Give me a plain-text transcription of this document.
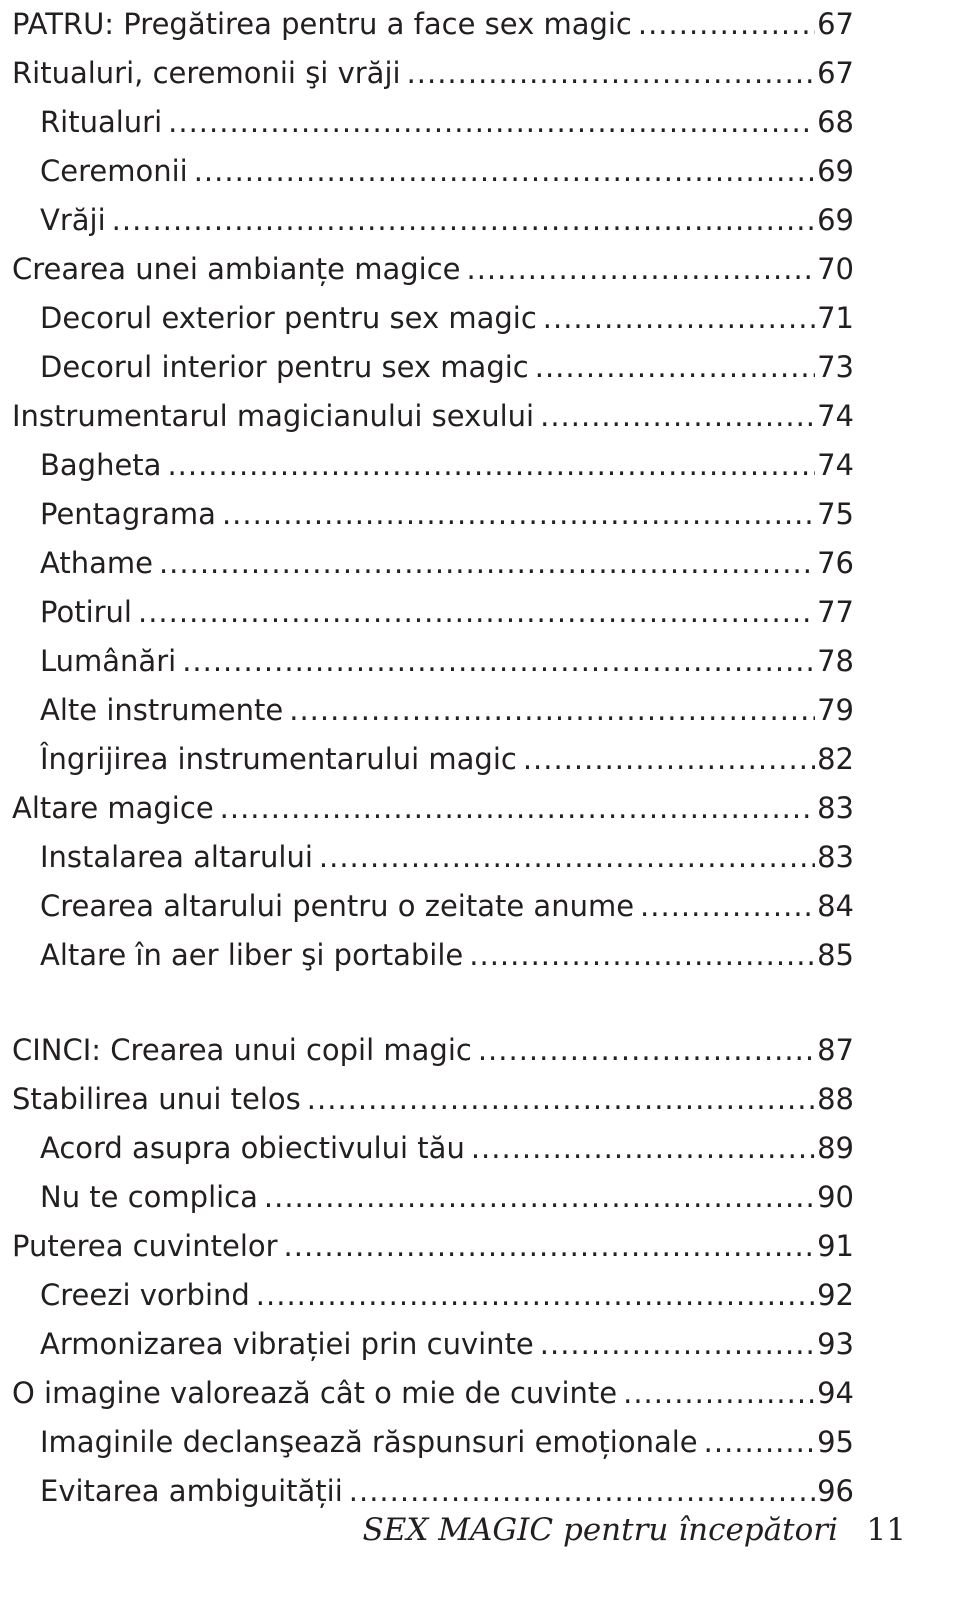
PATRU: Pregătirea pentru a face sex magic .....	67
Ritualuri, ceremonii şi vrăji .....	67
Ritualuri .....	68
Ceremonii .....	69
Vrăji .....	69
Crearea unei ambianțe magice .....	70
Decorul exterior pentru sex magic .....	71
Decorul interior pentru sex magic .....	73
Instrumentarul magicianului sexului .....	74
Bagheta .....	74
Pentagrama .....	75
Athame .....	76
Potirul .....	77
Lumânări .....	78
Alte instrumente .....	79
Îngrijirea instrumentarului magic .....	82
Altare magice .....	83
Instalarea altarului .....	83
Crearea altarului pentru o zeitate anume .....	84
Altare în aer liber şi portabile .....	85
CINCI: Crearea unui copil magic .....	87
Stabilirea unui telos .....	88
Acord asupra obiectivului tău .....	89
Nu te complica .....	90
Puterea cuvintelor .....	91
Creezi vorbind .....	92
Armonizarea vibrației prin cuvinte .....	93
O imagine valorează cât o mie de cuvinte .....	94
Imaginile declanşează răspunsuri emoționale .....	95
Evitarea ambiguității .....	96
SEX MAGIC pentru începători 11
